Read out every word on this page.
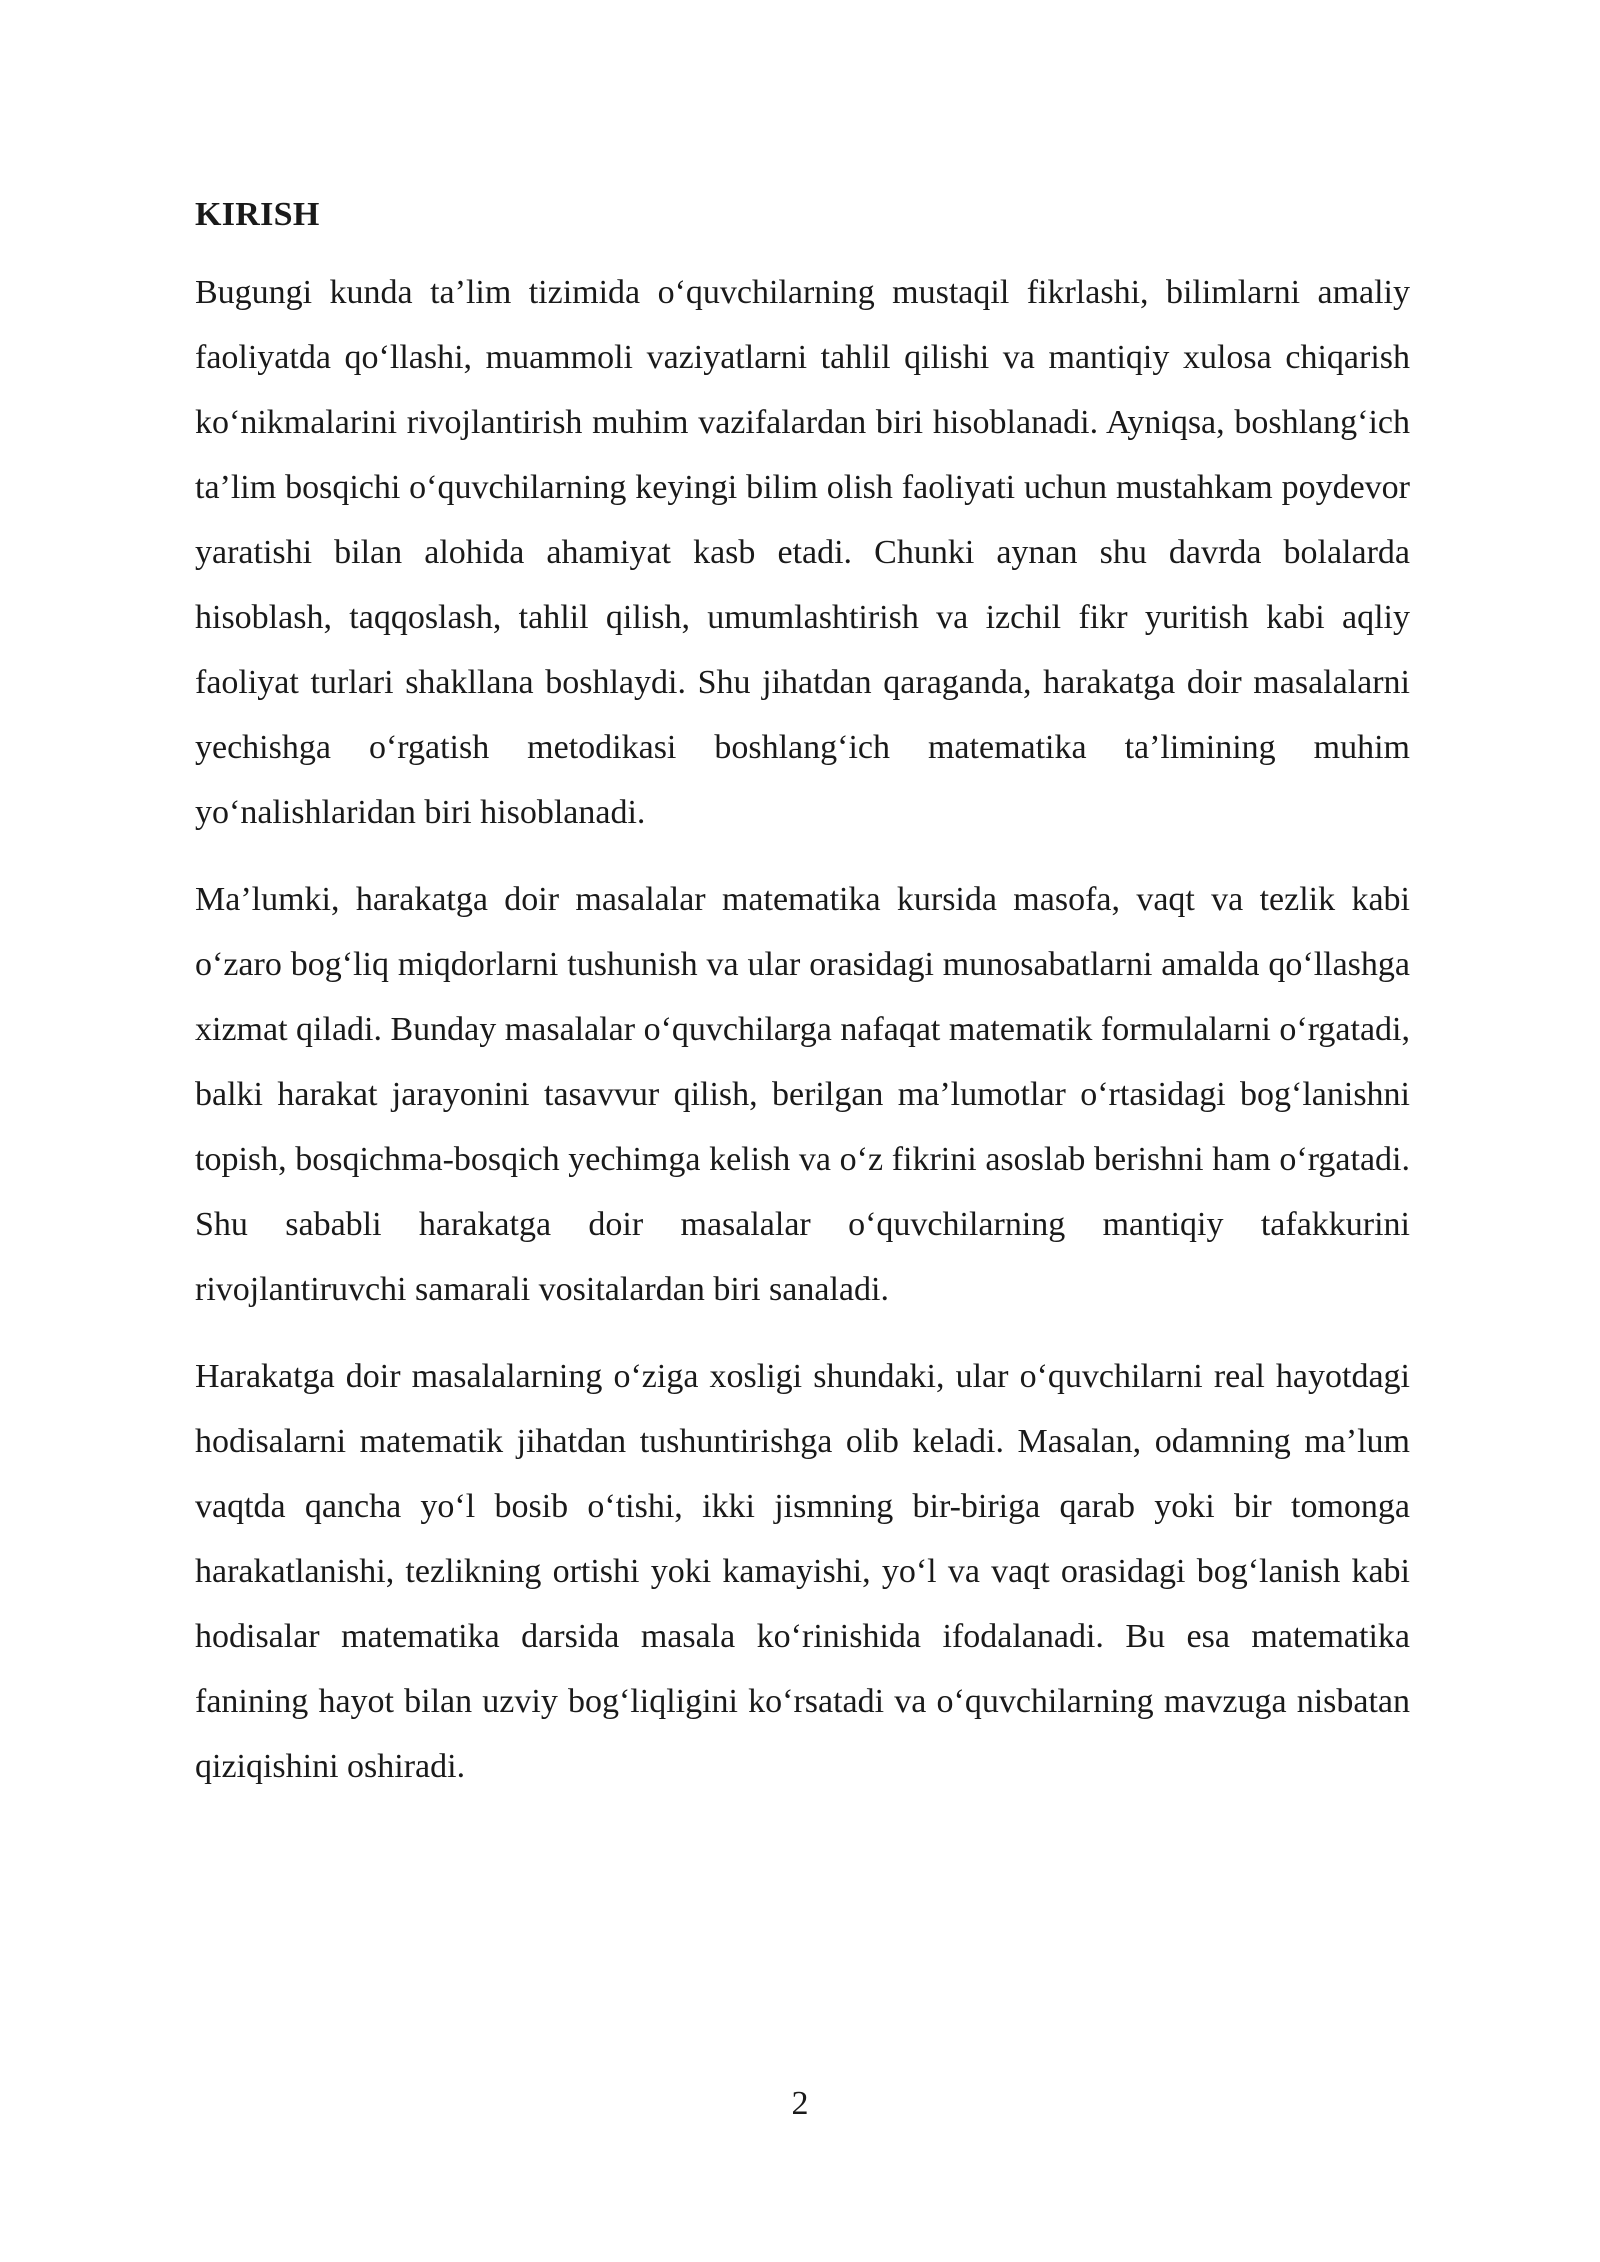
KIRISH

Bugungi kunda ta’lim tizimida o‘quvchilarning mustaqil fikrlashi, bilimlarni amaliy faoliyatda qo‘llashi, muammoli vaziyatlarni tahlil qilishi va mantiqiy xulosa chiqarish ko‘nikmalarini rivojlantirish muhim vazifalardan biri hisoblanadi. Ayniqsa, boshlang‘ich ta’lim bosqichi o‘quvchilarning keyingi bilim olish faoliyati uchun mustahkam poydevor yaratishi bilan alohida ahamiyat kasb etadi. Chunki aynan shu davrda bolalarda hisoblash, taqqoslash, tahlil qilish, umumlashtirish va izchil fikr yuritish kabi aqliy faoliyat turlari shakllana boshlaydi. Shu jihatdan qaraganda, harakatga doir masalalarni yechishga o‘rgatish metodikasi boshlang‘ich matematika ta’limining muhim yo‘nalishlaridan biri hisoblanadi.

Ma’lumki, harakatga doir masalalar matematika kursida masofa, vaqt va tezlik kabi o‘zaro bog‘liq miqdorlarni tushunish va ular orasidagi munosabatlarni amalda qo‘llashga xizmat qiladi. Bunday masalalar o‘quvchilarga nafaqat matematik formulalarni o‘rgatadi, balki harakat jarayonini tasavvur qilish, berilgan ma’lumotlar o‘rtasidagi bog‘lanishni topish, bosqichma-bosqich yechimga kelish va o‘z fikrini asoslab berishni ham o‘rgatadi. Shu sababli harakatga doir masalalar o‘quvchilarning mantiqiy tafakkurini rivojlantiruvchi samarali vositalardan biri sanaladi.

Harakatga doir masalalarning o‘ziga xosligi shundaki, ular o‘quvchilarni real hayotdagi hodisalarni matematik jihatdan tushuntirishga olib keladi. Masalan, odamning ma’lum vaqtda qancha yo‘l bosib o‘tishi, ikki jismning bir-biriga qarab yoki bir tomonga harakatlanishi, tezlikning ortishi yoki kamayishi, yo‘l va vaqt orasidagi bog‘lanish kabi hodisalar matematika darsida masala ko‘rinishida ifodalanadi. Bu esa matematika fanining hayot bilan uzviy bog‘liqligini ko‘rsatadi va o‘quvchilarning mavzuga nisbatan qiziqishini oshiradi.

2
